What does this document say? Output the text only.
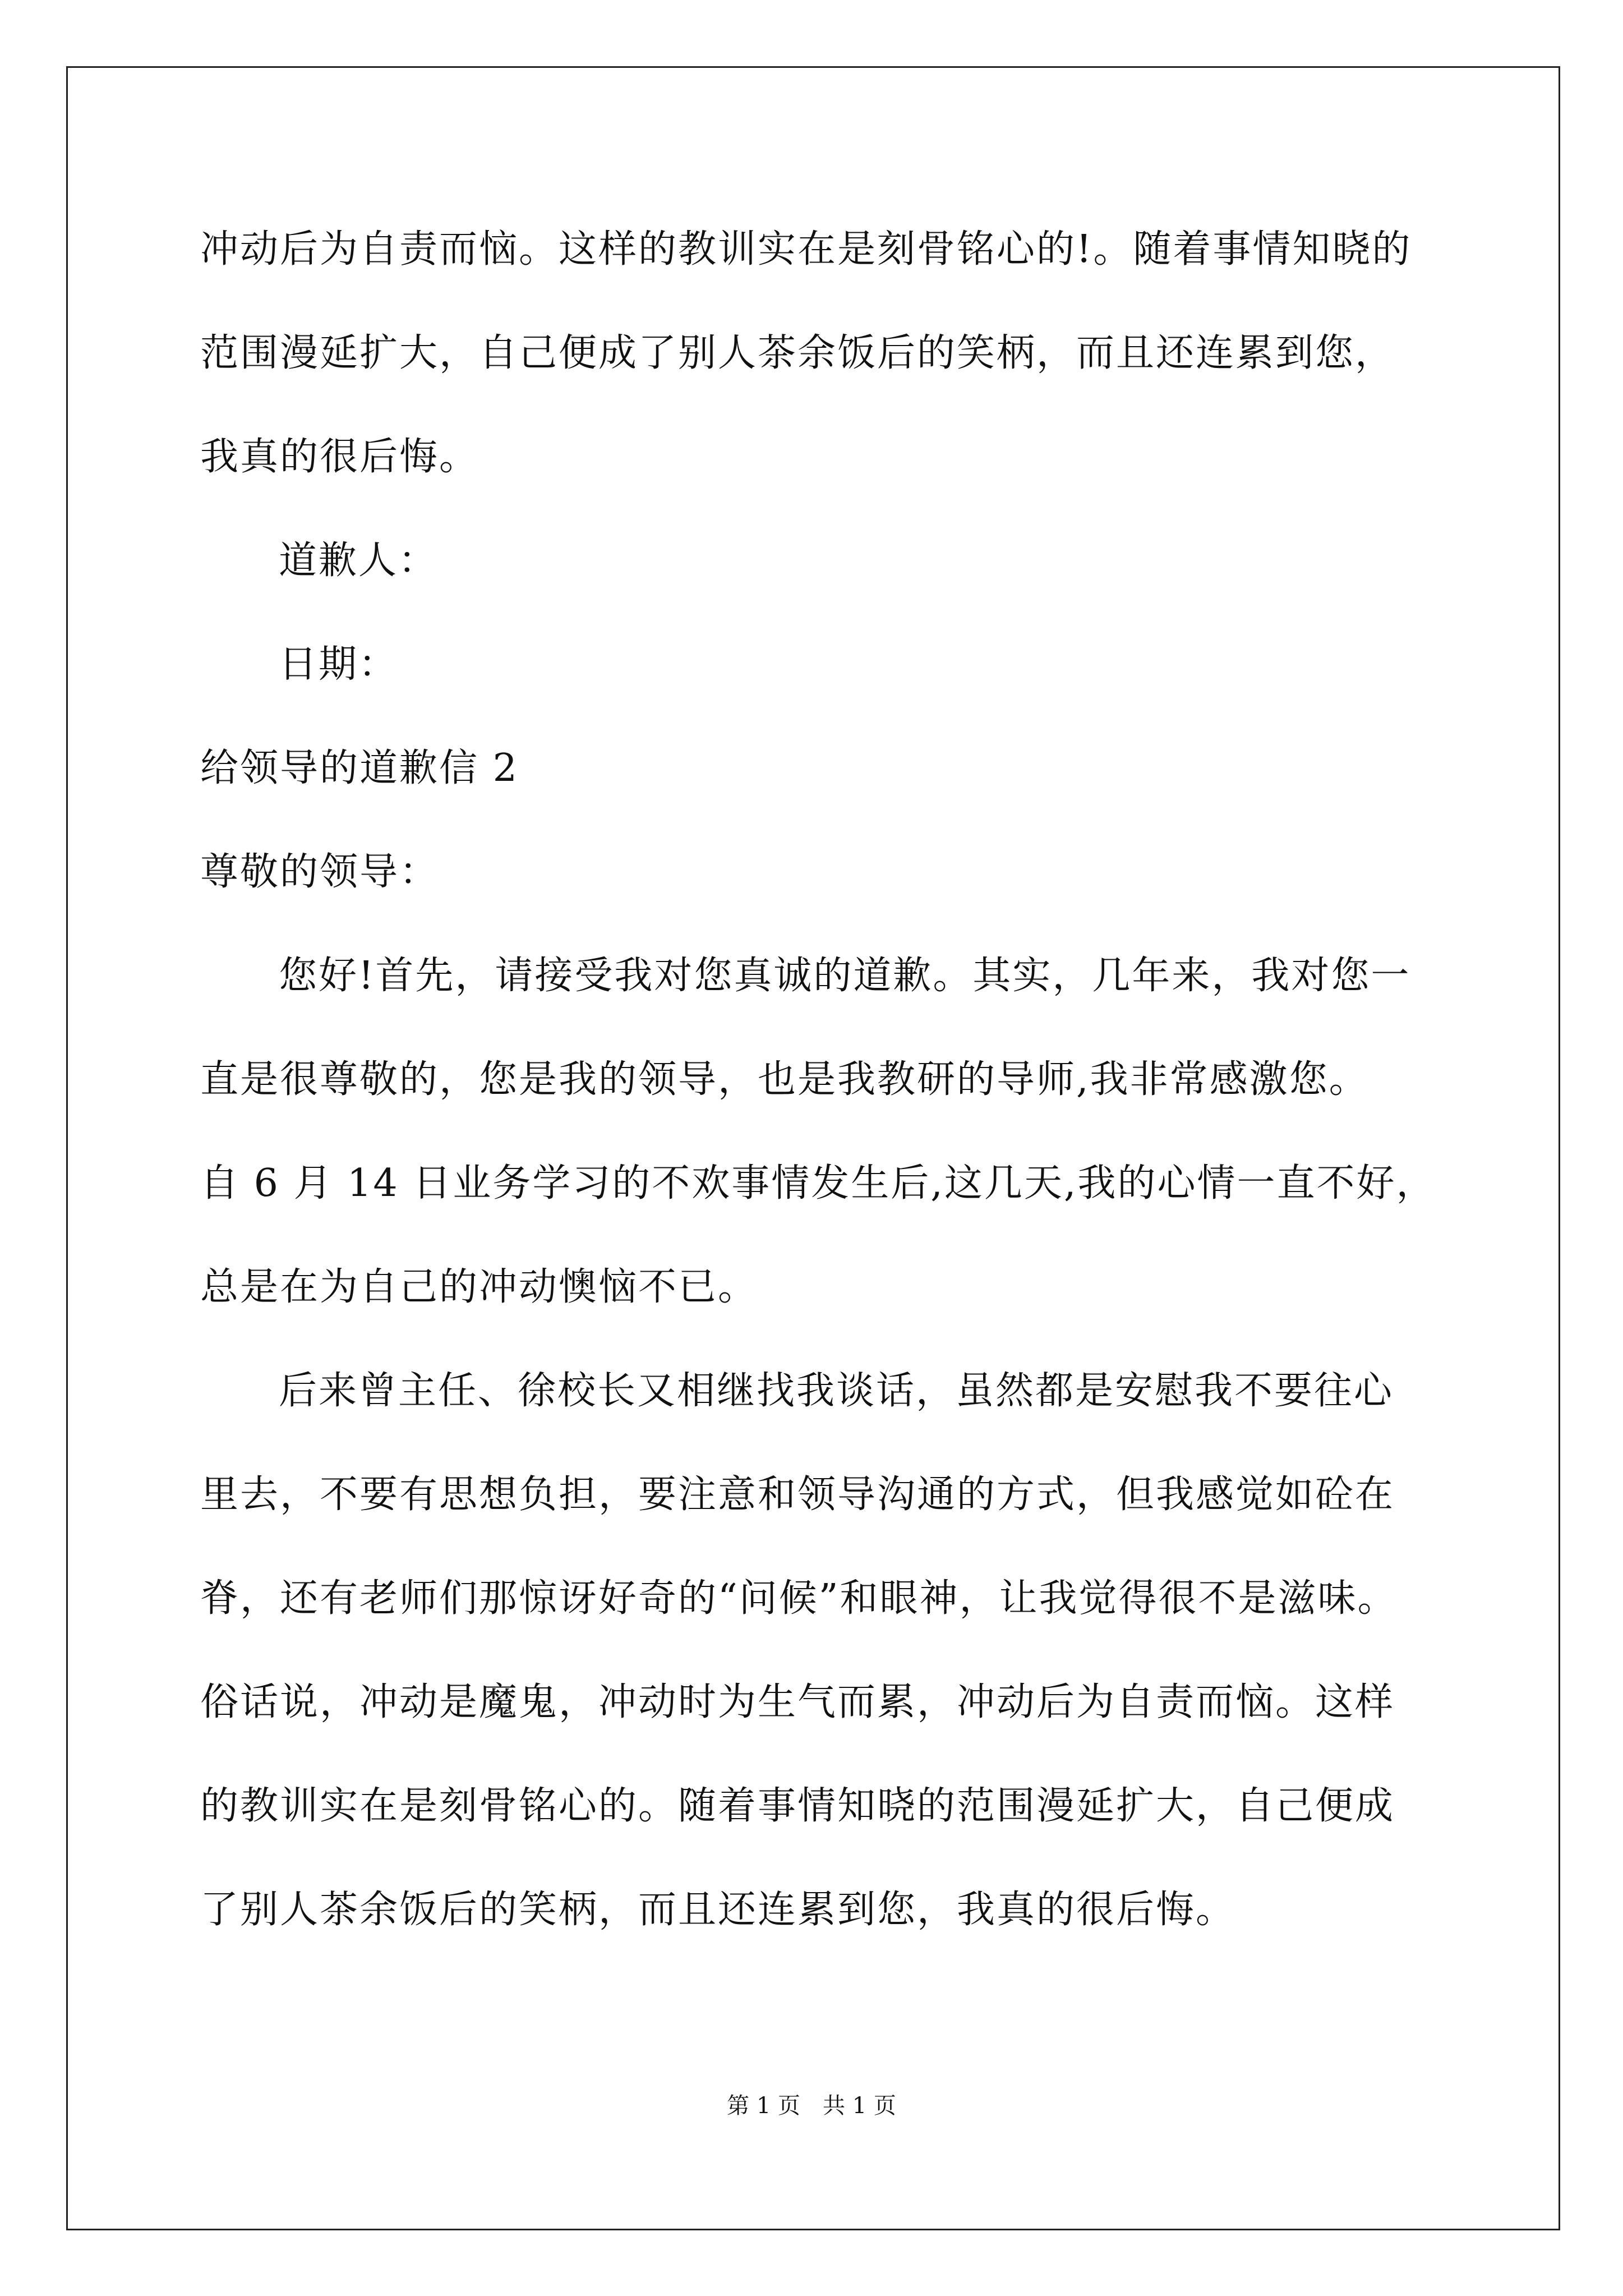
冲动后为自责而恼。这样的教训实在是刻骨铭心的!。随着事情知晓的
范围漫延扩大，自己便成了别人茶余饭后的笑柄，而且还连累到您，
我真的很后悔。
道歉人：
日期：
给领导的道歉信 2
尊敬的领导：
您好!首先，请接受我对您真诚的道歉。其实，几年来，我对您一
直是很尊敬的，您是我的领导，也是我教研的导师,我非常感激您。
自 6 月 14 日业务学习的不欢事情发生后,这几天,我的心情一直不好，
总是在为自己的冲动懊恼不已。
后来曾主任、徐校长又相继找我谈话，虽然都是安慰我不要往心
里去，不要有思想负担，要注意和领导沟通的方式，但我感觉如砼在
脊，还有老师们那惊讶好奇的“问候”和眼神，让我觉得很不是滋味。
俗话说，冲动是魔鬼，冲动时为生气而累，冲动后为自责而恼。这样
的教训实在是刻骨铭心的。随着事情知晓的范围漫延扩大，自己便成
了别人茶余饭后的笑柄，而且还连累到您，我真的很后悔。
第 1 页 共 1 页
